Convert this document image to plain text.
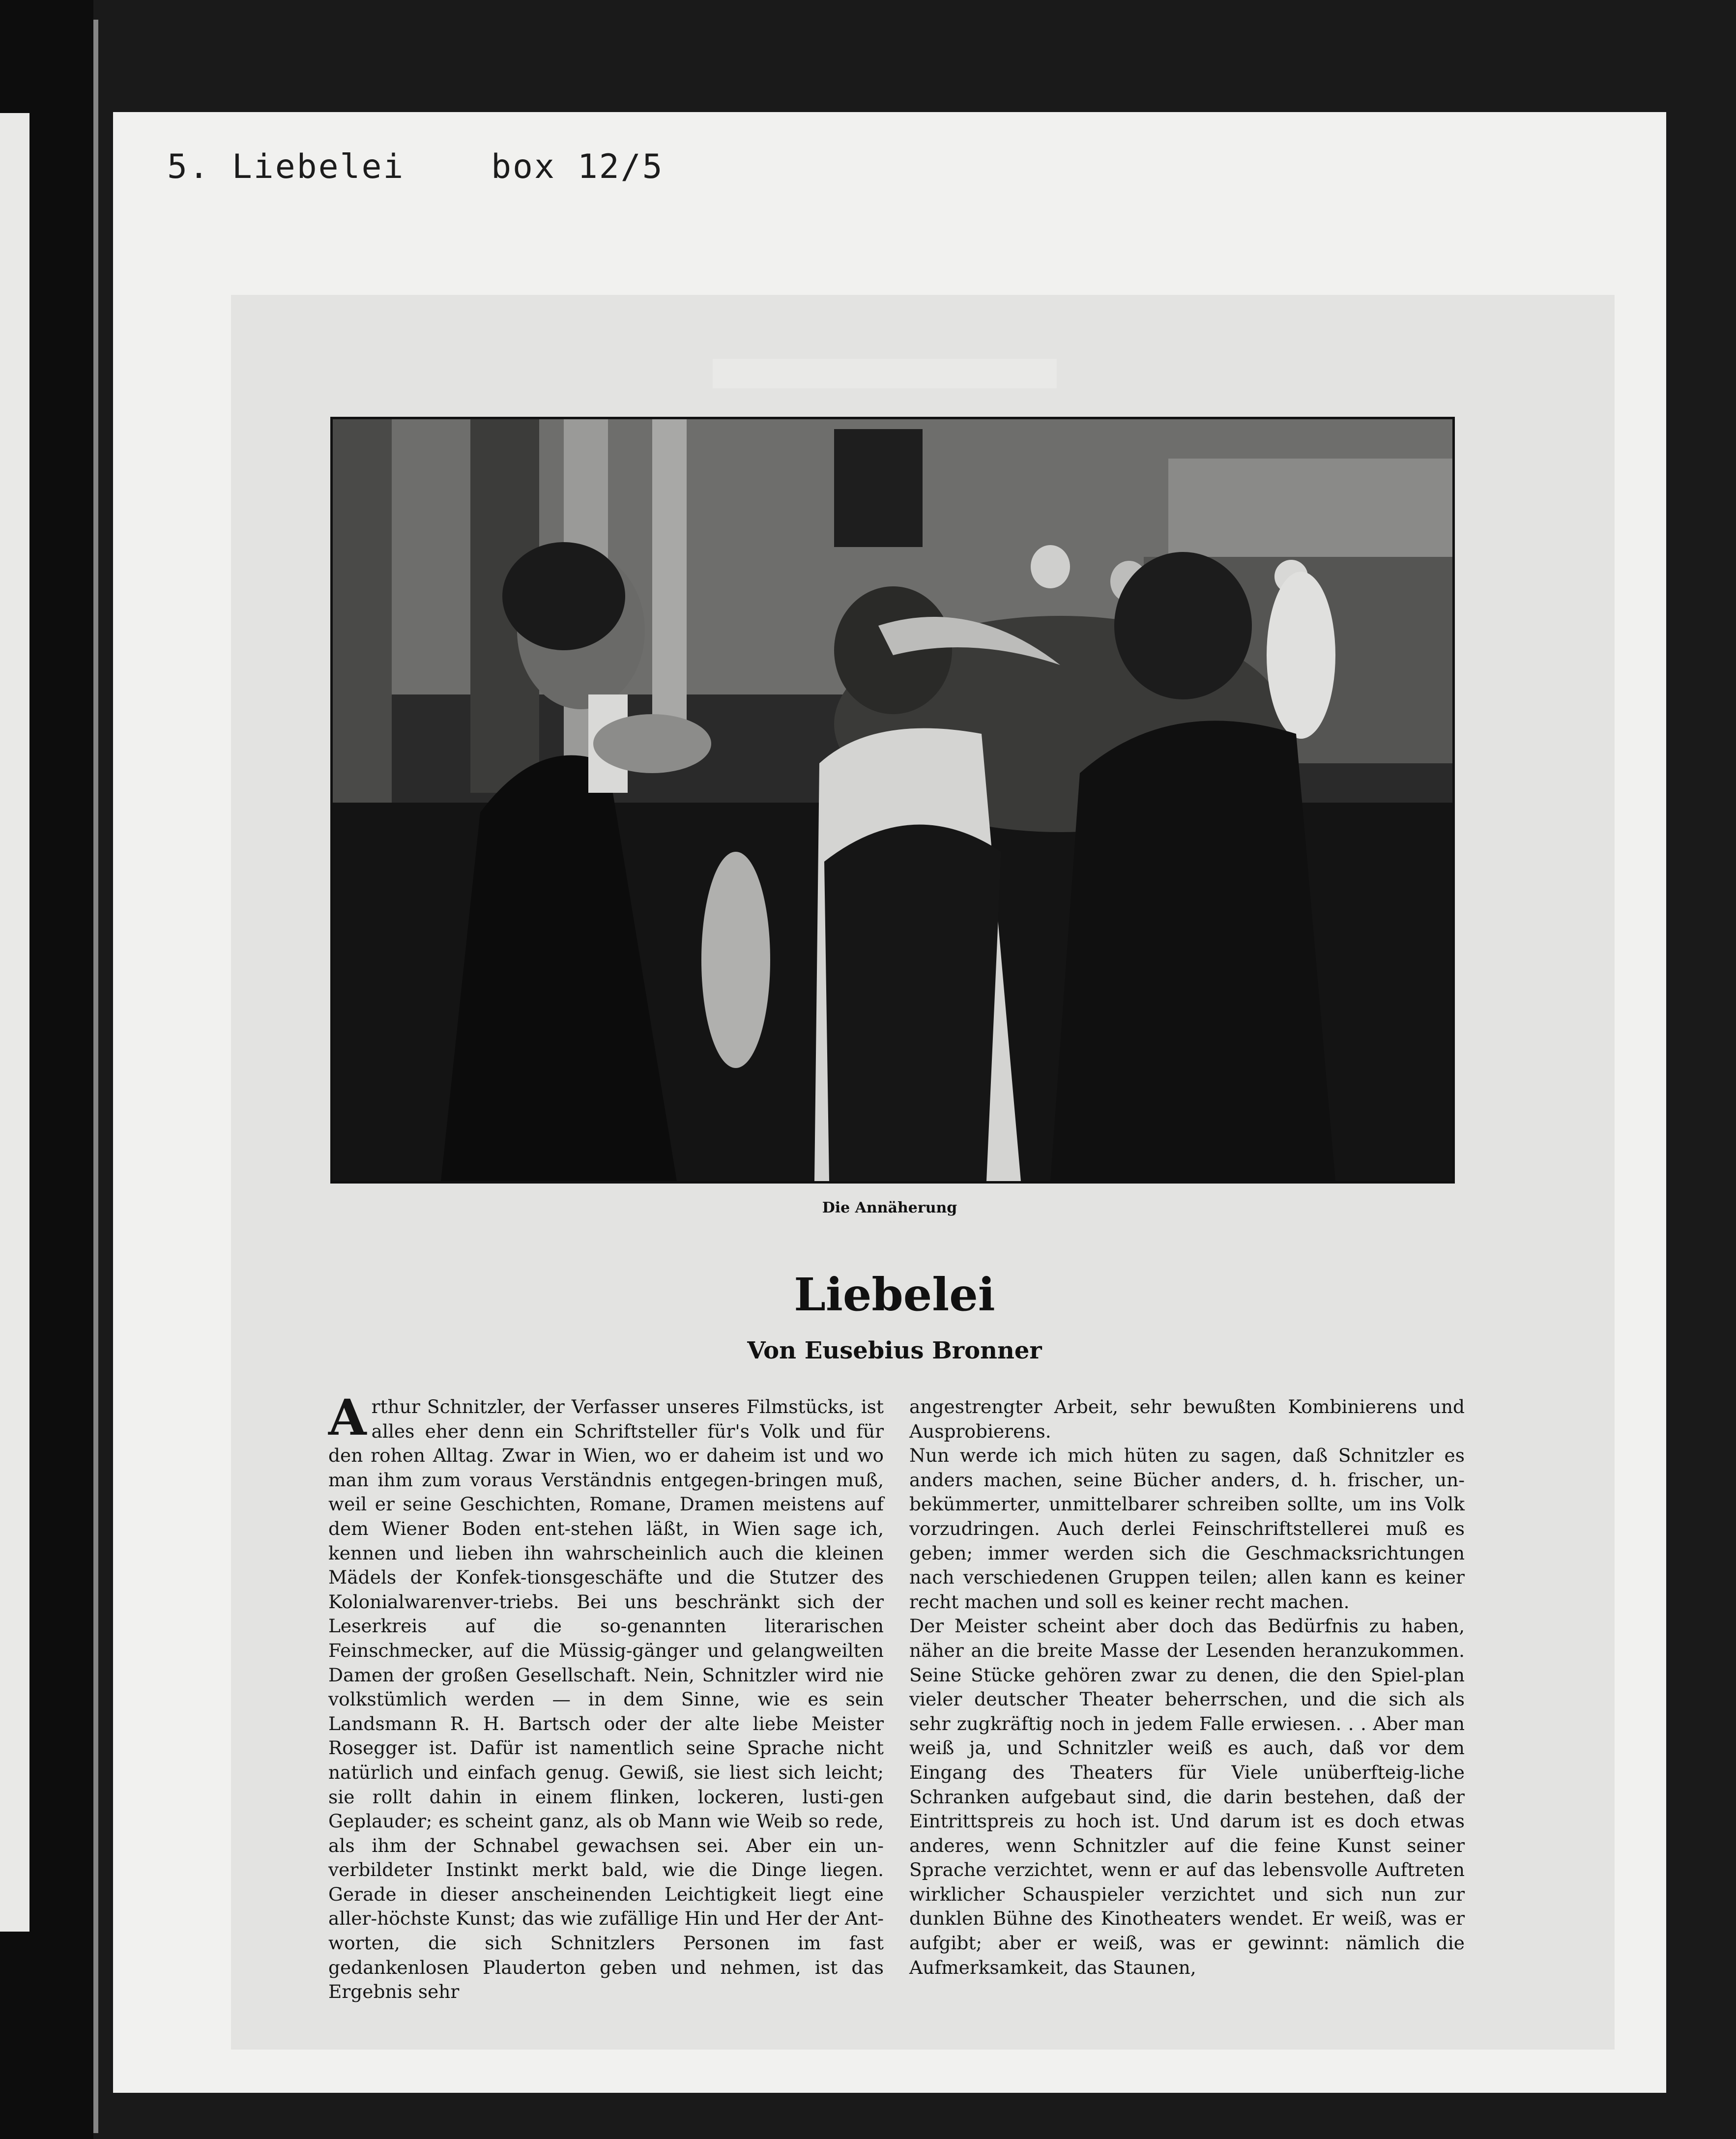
5. Liebelei    box 12/5
Die Annäherung
Liebelei
Von Eusebius Bronner

Arthur Schnitzler, der Verfasser unseres Filmstücks, ist alles eher denn ein Schriftsteller für's Volk und für den rohen Alltag. Zwar in Wien, wo er daheim ist und wo man ihm zum voraus Verständnis entgegen-bringen muß, weil er seine Geschichten, Romane, Dramen meistens auf dem Wiener Boden ent-stehen läßt, in Wien sage ich, kennen und lieben ihn wahrscheinlich auch die kleinen Mädels der Konfek-tionsgeschäfte und die Stutzer des Kolonialwarenver-triebs. Bei uns beschränkt sich der Leserkreis auf die so-genannten literarischen Feinschmecker, auf die Müssig-gänger und gelangweilten Damen der großen Gesellschaft. Nein, Schnitzler wird nie volkstümlich werden — in dem Sinne, wie es sein Landsmann R. H. Bartsch oder der alte liebe Meister Rosegger ist. Dafür ist namentlich seine Sprache nicht natürlich und einfach genug. Gewiß, sie liest sich leicht; sie rollt dahin in einem flinken, lockeren, lusti-gen Geplauder; es scheint ganz, als ob Mann wie Weib so rede, als ihm der Schnabel gewachsen sei. Aber ein un-verbildeter Instinkt merkt bald, wie die Dinge liegen. Gerade in dieser anscheinenden Leichtigkeit liegt eine aller-höchste Kunst; das wie zufällige Hin und Her der Ant-worten, die sich Schnitzlers Personen im fast gedankenlosen Plauderton geben und nehmen, ist das Ergebnis sehr

angestrengter Arbeit, sehr bewußten Kombinierens und Ausprobierens.

Nun werde ich mich hüten zu sagen, daß Schnitzler es anders machen, seine Bücher anders, d. h. frischer, un-bekümmerter, unmittelbarer schreiben sollte, um ins Volk vorzudringen. Auch derlei Feinschriftstellerei muß es geben; immer werden sich die Geschmacksrichtungen nach verschiedenen Gruppen teilen; allen kann es keiner recht machen und soll es keiner recht machen.

Der Meister scheint aber doch das Bedürfnis zu haben, näher an die breite Masse der Lesenden heranzukommen. Seine Stücke gehören zwar zu denen, die den Spiel-plan vieler deutscher Theater beherrschen, und die sich als sehr zugkräftig noch in jedem Falle erwiesen. . . Aber man weiß ja, und Schnitzler weiß es auch, daß vor dem Eingang des Theaters für Viele unüberfteig-liche Schranken aufgebaut sind, die darin bestehen, daß der Eintrittspreis zu hoch ist. Und darum ist es doch etwas anderes, wenn Schnitzler auf die feine Kunst seiner Sprache verzichtet, wenn er auf das lebensvolle Auftreten wirklicher Schauspieler verzichtet und sich nun zur dunklen Bühne des Kinotheaters wendet. Er weiß, was er aufgibt; aber er weiß, was er gewinnt: nämlich die Aufmerksamkeit, das Staunen,
